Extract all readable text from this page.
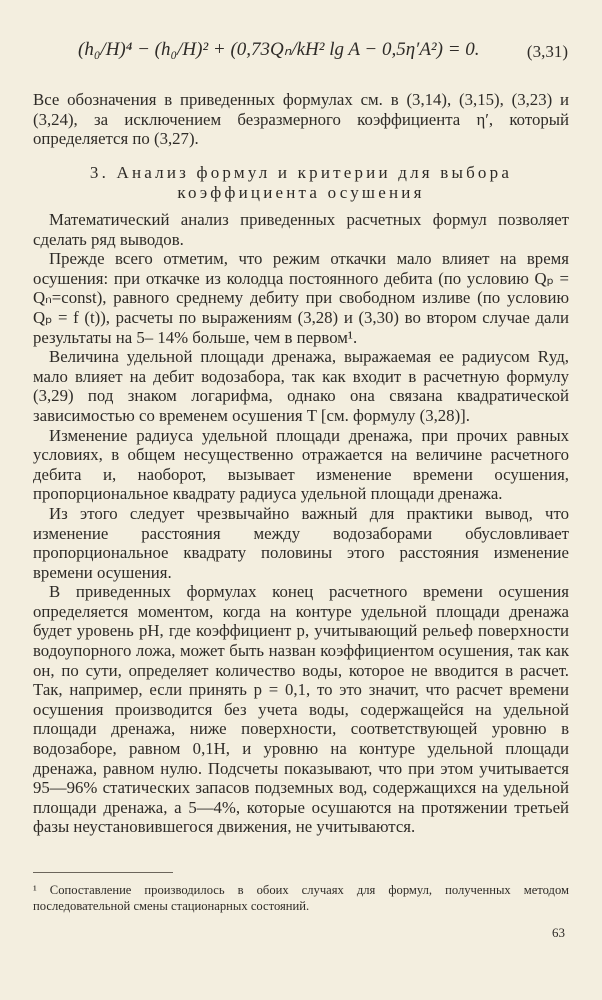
(h₀/H)⁴ − (h₀/H)² + (0,73Qₙ/kH² lg A − 0,5η′A²) = 0.	(3,31)

Все обозначения в приведенных формулах см. в (3,14), (3,15), (3,23) и (3,24), за исключением безразмерного коэффициента η′, который определяется по (3,27).

3. Анализ формул и критерии для выбора
коэффициента осушения

Математический анализ приведенных расчетных формул позволяет сделать ряд выводов.

Прежде всего отметим, что режим откачки мало влияет на время осушения: при откачке из колодца постоянного дебита (по условию Qₚ = Qₙ=const), равного среднему дебиту при свободном изливе (по условию Qₚ = f (t)), расчеты по выражениям (3,28) и (3,30) во втором случае дали результаты на 5– 14% больше, чем в первом¹.

Величина удельной площади дренажа, выражаемая ее радиусом Rуд, мало влияет на дебит водозабора, так как входит в расчетную формулу (3,29) под знаком логарифма, однако она связана квадратической зависимостью со временем осушения T [см. формулу (3,28)].

Изменение радиуса удельной площади дренажа, при прочих равных условиях, в общем несущественно отражается на величине расчетного дебита и, наоборот, вызывает изменение времени осушения, пропорциональное квадрату радиуса удельной площади дренажа.

Из этого следует чрезвычайно важный для практики вывод, что изменение расстояния между водозаборами обусловливает пропорциональное квадрату половины этого расстояния изменение времени осушения.

В приведенных формулах конец расчетного времени осушения определяется моментом, когда на контуре удельной площади дренажа будет уровень pH, где коэффициент p, учитывающий рельеф поверхности водоупорного ложа, может быть назван коэффициентом осушения, так как он, по сути, определяет количество воды, которое не вводится в расчет. Так, например, если принять p = 0,1, то это значит, что расчет времени осушения производится без учета воды, содержащейся на удельной площади дренажа, ниже поверхности, соответствующей уровню в водозаборе, равном 0,1H, и уровню на контуре удельной площади дренажа, равном нулю. Подсчеты показывают, что при этом учитывается 95—96% статических запасов подземных вод, содержащихся на удельной площади дренажа, а 5—4%, которые осушаются на протяжении третьей фазы неустановившегося движения, не учитываются.

¹ Сопоставление производилось в обоих случаях для формул, полученных методом последовательной смены стационарных состояний.
63
